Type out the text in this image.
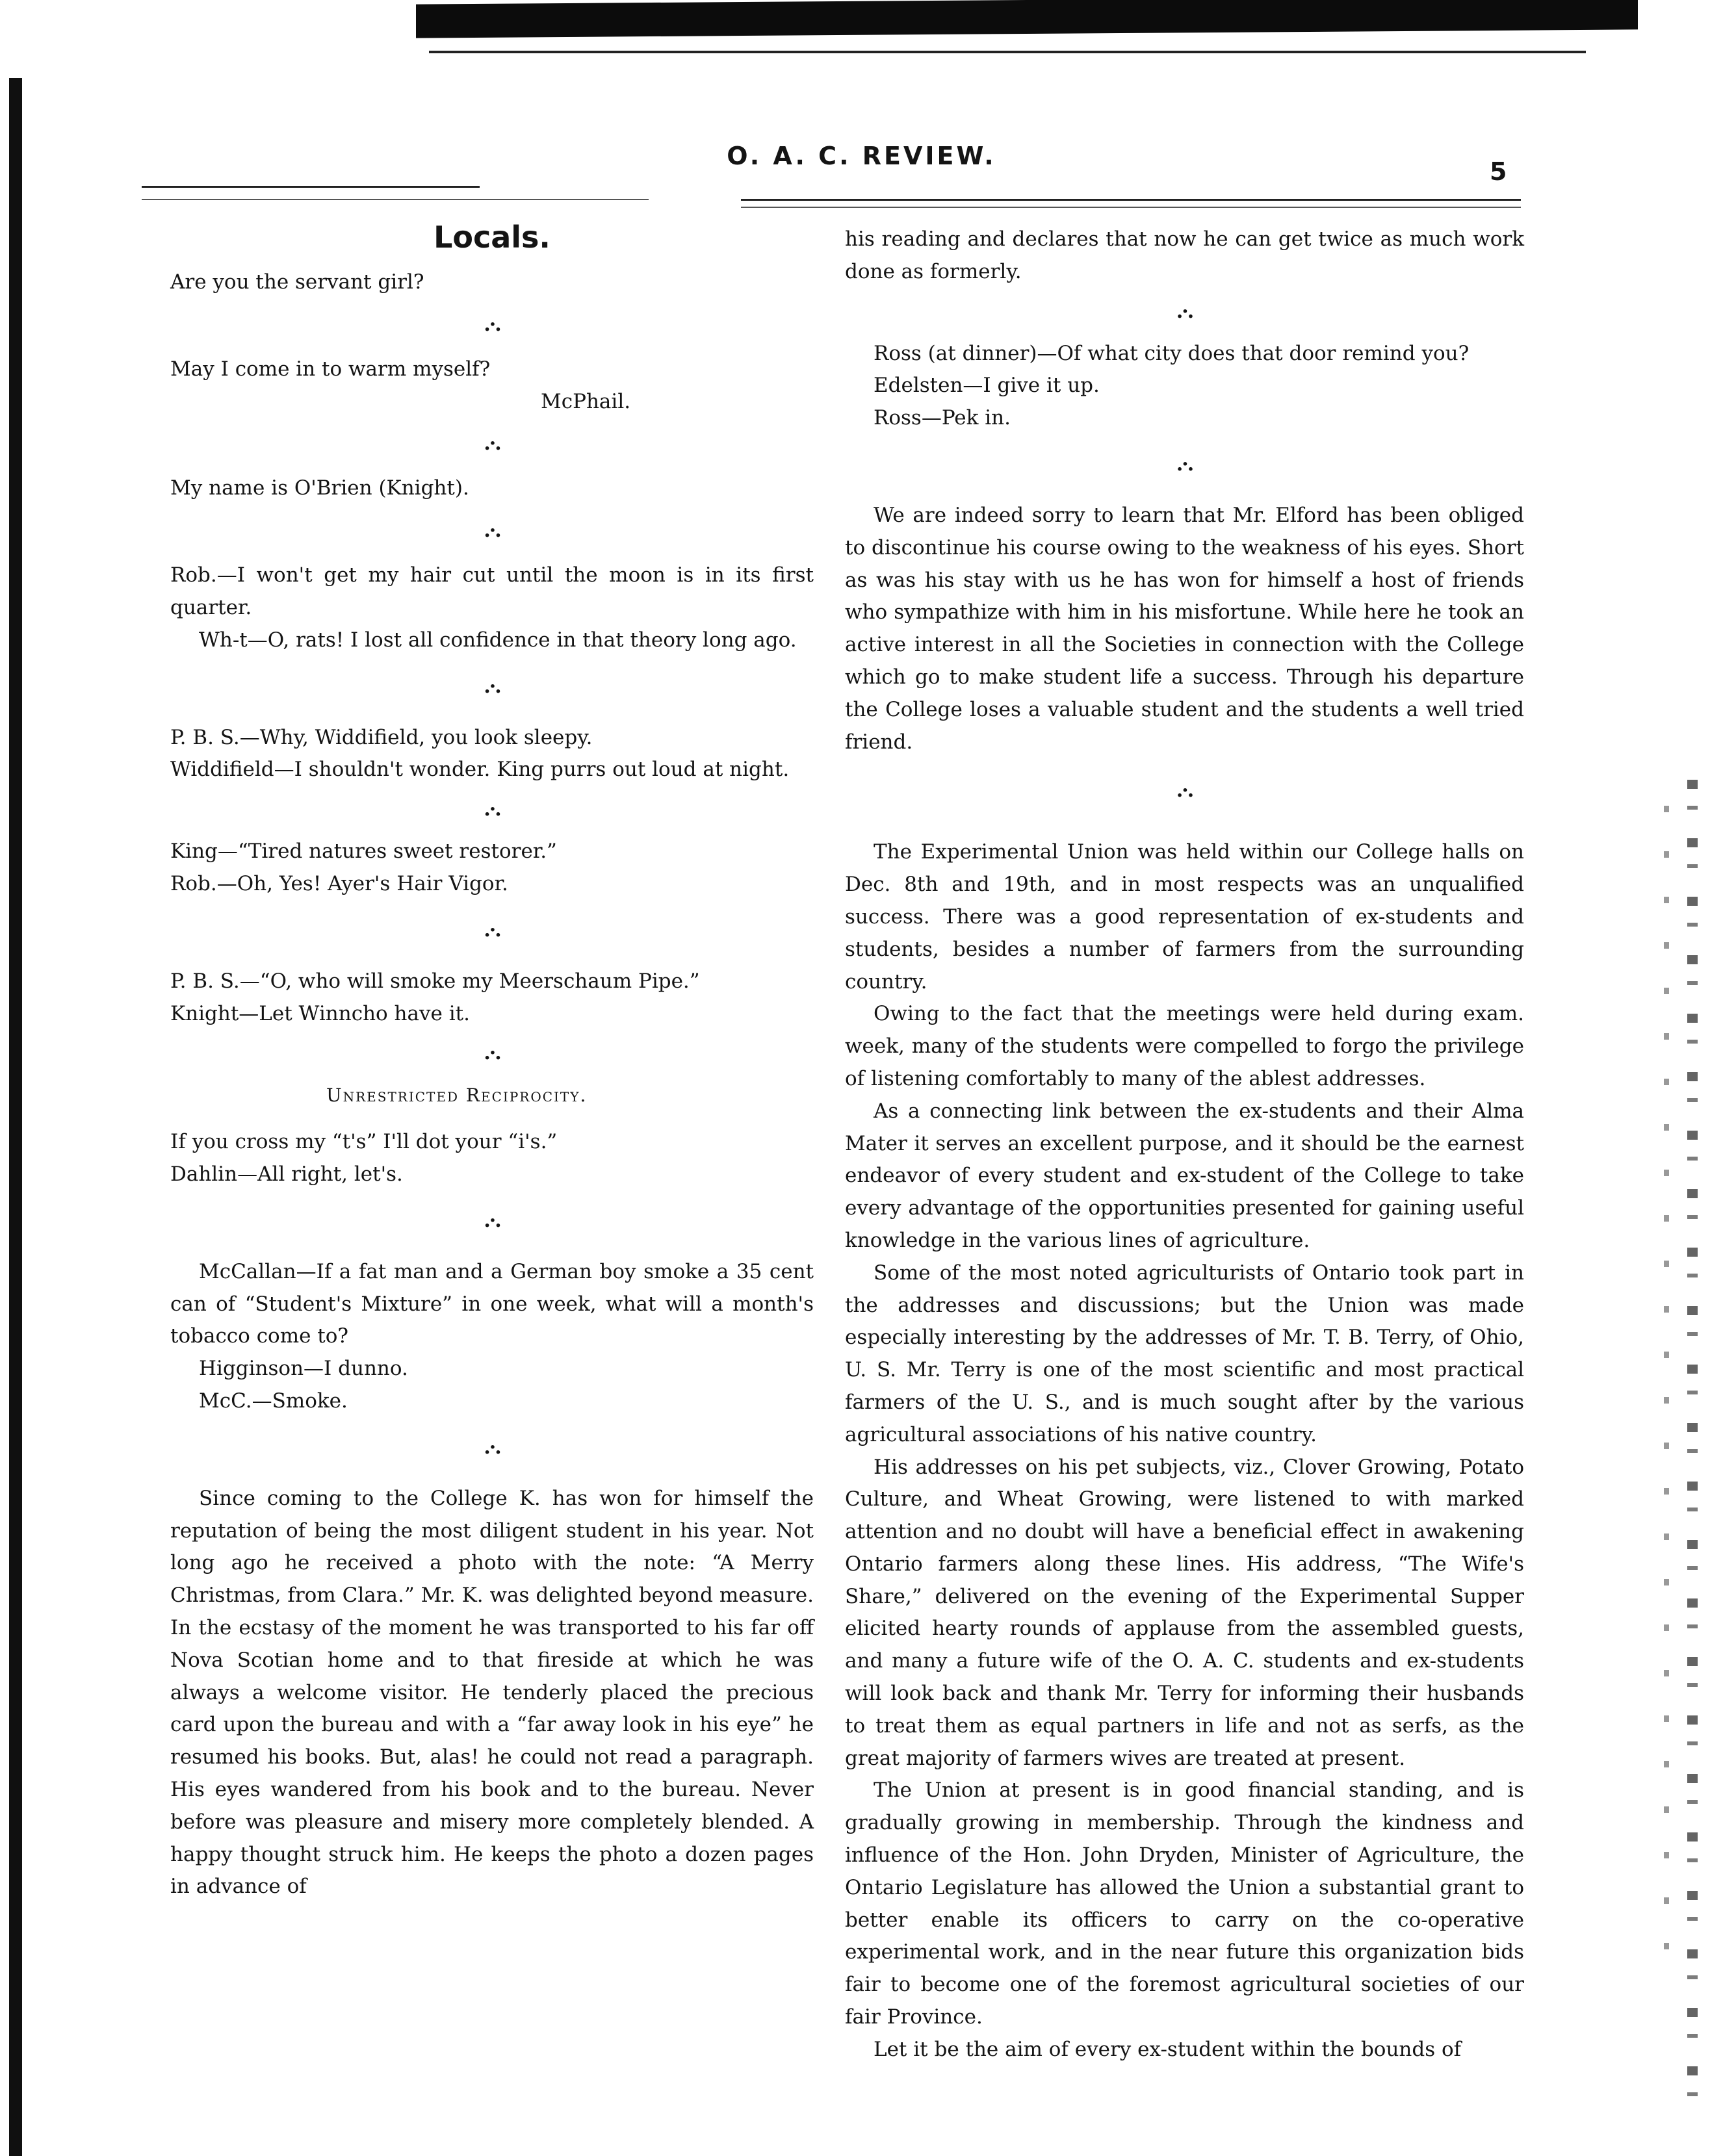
O. A. C. REVIEW.
5

Locals.

Are you the servant girl?

.·.

May I come in to warm myself?

McPhail.

.·.

My name is O'Brien (Knight).

.·.

Rob.—I won't get my hair cut until the moon is in its first quarter.

Wh-t—O, rats! I lost all confidence in that theory long ago.

.·.

P. B. S.—Why, Widdifield, you look sleepy.

Widdifield—I shouldn't wonder. King purrs out loud at night.

.·.

King—“Tired natures sweet restorer.”

Rob.—Oh, Yes! Ayer's Hair Vigor.

.·.

P. B. S.—“O, who will smoke my Meerschaum Pipe.”

Knight—Let Winncho have it.

.·.

Unrestricted Reciprocity.

If you cross my “t's” I'll dot your “i's.”

Dahlin—All right, let's.

.·.

McCallan—If a fat man and a German boy smoke a 35 cent can of “Student's Mixture” in one week, what will a month's tobacco come to?

Higginson—I dunno.

McC.—Smoke.

.·.

Since coming to the College K. has won for himself the reputation of being the most diligent student in his year. Not long ago he received a photo with the note: “A Merry Christmas, from Clara.” Mr. K. was delighted beyond measure. In the ecstasy of the moment he was transported to his far off Nova Scotian home and to that fireside at which he was always a welcome visitor. He tenderly placed the precious card upon the bureau and with a “far away look in his eye” he resumed his books. But, alas! he could not read a paragraph. His eyes wandered from his book and to the bureau. Never before was pleasure and misery more completely blended. A happy thought struck him. He keeps the photo a dozen pages in advance of

his reading and declares that now he can get twice as much work done as formerly.

.·.

Ross (at dinner)—Of what city does that door remind you?

Edelsten—I give it up.

Ross—Pek in.

.·.

We are indeed sorry to learn that Mr. Elford has been obliged to discontinue his course owing to the weakness of his eyes. Short as was his stay with us he has won for himself a host of friends who sympathize with him in his misfortune. While here he took an active interest in all the Societies in connection with the College which go to make student life a success. Through his departure the College loses a valuable student and the students a well tried friend.

.·.

The Experimental Union was held within our College halls on Dec. 8th and 19th, and in most respects was an unqualified success. There was a good representation of ex-students and students, besides a number of farmers from the surrounding country.

Owing to the fact that the meetings were held during exam. week, many of the students were compelled to forgo the privilege of listening comfortably to many of the ablest addresses.

As a connecting link between the ex-students and their Alma Mater it serves an excellent purpose, and it should be the earnest endeavor of every student and ex-student of the College to take every advantage of the opportunities presented for gaining useful knowledge in the various lines of agriculture.

Some of the most noted agriculturists of Ontario took part in the addresses and discussions; but the Union was made especially interesting by the addresses of Mr. T. B. Terry, of Ohio, U. S. Mr. Terry is one of the most scientific and most practical farmers of the U. S., and is much sought after by the various agricultural associations of his native country.

His addresses on his pet subjects, viz., Clover Growing, Potato Culture, and Wheat Growing, were listened to with marked attention and no doubt will have a beneficial effect in awakening Ontario farmers along these lines. His address, “The Wife's Share,” delivered on the evening of the Experimental Supper elicited hearty rounds of applause from the assembled guests, and many a future wife of the O. A. C. students and ex-students will look back and thank Mr. Terry for informing their husbands to treat them as equal partners in life and not as serfs, as the great majority of farmers wives are treated at present.

The Union at present is in good financial standing, and is gradually growing in membership. Through the kindness and influence of the Hon. John Dryden, Minister of Agriculture, the Ontario Legislature has allowed the Union a substantial grant to better enable its officers to carry on the co-operative experimental work, and in the near future this organization bids fair to become one of the foremost agricultural societies of our fair Province.

Let it be the aim of every ex-student within the bounds of
